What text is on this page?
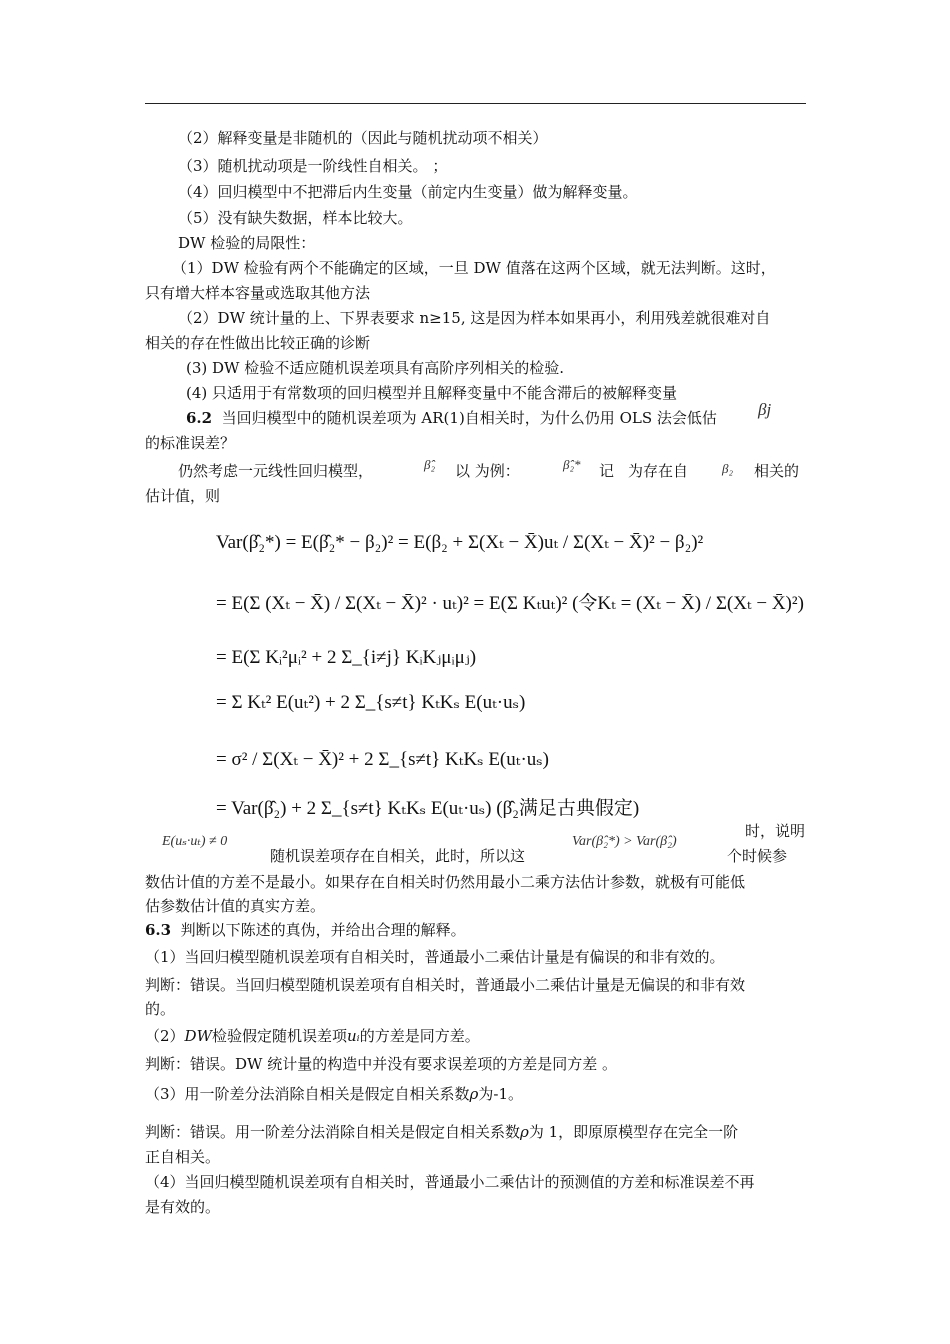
（2）解释变量是非随机的（因此与随机扰动项不相关）
（3）随机扰动项是一阶线性自相关。 ；
（4）回归模型中不把滞后内生变量（前定内生变量）做为解释变量。
（5）没有缺失数据，样本比较大。
DW 检验的局限性：
（1）DW 检验有两个不能确定的区域，一旦 DW 值落在这两个区域，就无法判断。这时，
只有增大样本容量或选取其他方法
（2）DW 统计量的上、下界表要求 n≥15, 这是因为样本如果再小，利用残差就很难对自
相关的存在性做出比较正确的诊断
(3) DW 检验不适应随机误差项具有高阶序列相关的检验.
(4) 只适用于有常数项的回归模型并且解释变量中不能含滞后的被解释变量
6.2 当回归模型中的随机误差项为 AR(1)自相关时，为什么仍用 OLS 法会低估 βj
的标准误差？
仍然考虑一元线性回归模型，	β̂₂ 以 为例：	β̂₂* 记 为存在自	β₂ 相关的
估计值，则
Var(β̂₂*) = E(β̂₂* − β₂)² = E(β₂ + Σ(Xₜ − X̄)uₜ / Σ(Xₜ − X̄)² − β₂)²
= E(Σ (Xₜ − X̄) / Σ(Xₜ − X̄)² · uₜ)² = E(Σ Kₜuₜ)² (令Kₜ = (Xₜ − X̄) / Σ(Xₜ − X̄)²)
= E(Σ Kᵢ²μᵢ² + 2 Σ_{i≠j} KᵢKⱼμᵢμⱼ)
= Σ Kₜ² E(uₜ²) + 2 Σ_{s≠t} KₜKₛ E(uₜ·uₛ)
= σ² / Σ(Xₜ − X̄)² + 2 Σ_{s≠t} KₜKₛ E(uₜ·uₛ)
= Var(β̂₂) + 2 Σ_{s≠t} KₜKₛ E(uₜ·uₛ) (β̂₂满足古典假定)
E(uₛ·uₜ) ≠ 0
随机误差项存在自相关，此时，所以这
Var(β̂₂*) > Var(β̂₂)
时，说明
个时候参
数估计值的方差不是最小。如果存在自相关时仍然用最小二乘方法估计参数，就极有可能低
估参数估计值的真实方差。
6.3 判断以下陈述的真伪，并给出合理的解释。
（1）当回归模型随机误差项有自相关时，普通最小二乘估计量是有偏误的和非有效的。
判断：错误。当回归模型随机误差项有自相关时，普通最小二乘估计量是无偏误的和非有效
的。
（2）DW检验假定随机误差项uᵢ的方差是同方差。
判断：错误。DW 统计量的构造中并没有要求误差项的方差是同方差 。
（3）用一阶差分法消除自相关是假定自相关系数ρ为-1。
判断：错误。用一阶差分法消除自相关是假定自相关系数ρ为 1，即原原模型存在完全一阶
正自相关。
（4）当回归模型随机误差项有自相关时，普通最小二乘估计的预测值的方差和标准误差不再
是有效的。
